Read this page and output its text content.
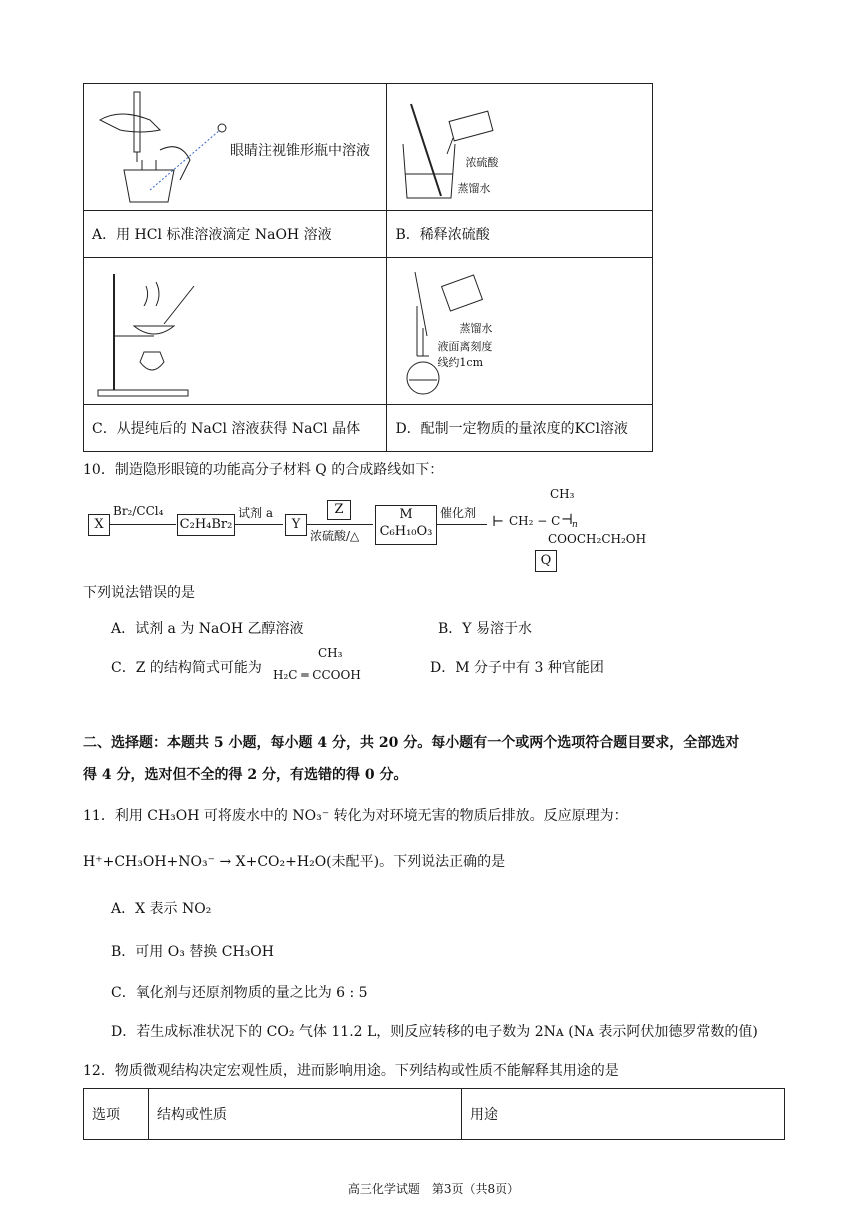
眼睛注视锥形瓶中溶液	浓硫酸
蒸馏水

A．用 HCl 标准溶液滴定 NaOH 溶液	B．稀释浓硫酸

蒸馏水
液面离刻度
线约1cm

C．从提纯后的 NaCl 溶液获得 NaCl 晶体	D．配制一定物质的量浓度的KCl溶液
10．制造隐形眼镜的功能高分子材料 Q 的合成路线如下：
X
Br₂/CCl₄
C₂H₄Br₂
试剂 a
Y
Z
浓硫酸/△
M
C₆H₁₀O₃
催化剂
⊢ CH₂ − C
CH₃
⊣
n
COOCH₂CH₂OH
Q
下列说法错误的是
A．试剂 a 为 NaOH 乙醇溶液	B．Y 易溶于水
C．Z 的结构简式可能为
CH₃
H₂C ═ CCOOH	D．M 分子中有 3 种官能团
二、选择题：本题共 5 小题，每小题 4 分，共 20 分。每小题有一个或两个选项符合题目要求，全部选对
得 4 分，选对但不全的得 2 分，有选错的得 0 分。
11．利用 CH₃OH 可将废水中的 NO₃⁻ 转化为对环境无害的物质后排放。反应原理为：
H⁺+CH₃OH+NO₃⁻ → X+CO₂+H₂O(未配平)。下列说法正确的是
A．X 表示 NO₂
B．可用 O₃ 替换 CH₃OH
C．氧化剂与还原剂物质的量之比为 6 : 5
D．若生成标准状况下的 CO₂ 气体 11.2 L，则反应转移的电子数为 2Nᴀ (Nᴀ 表示阿伏加德罗常数的值)
12．物质微观结构决定宏观性质，进而影响用途。下列结构或性质不能解释其用途的是
选项	结构或性质	用途
高三化学试题　第3页（共8页）
